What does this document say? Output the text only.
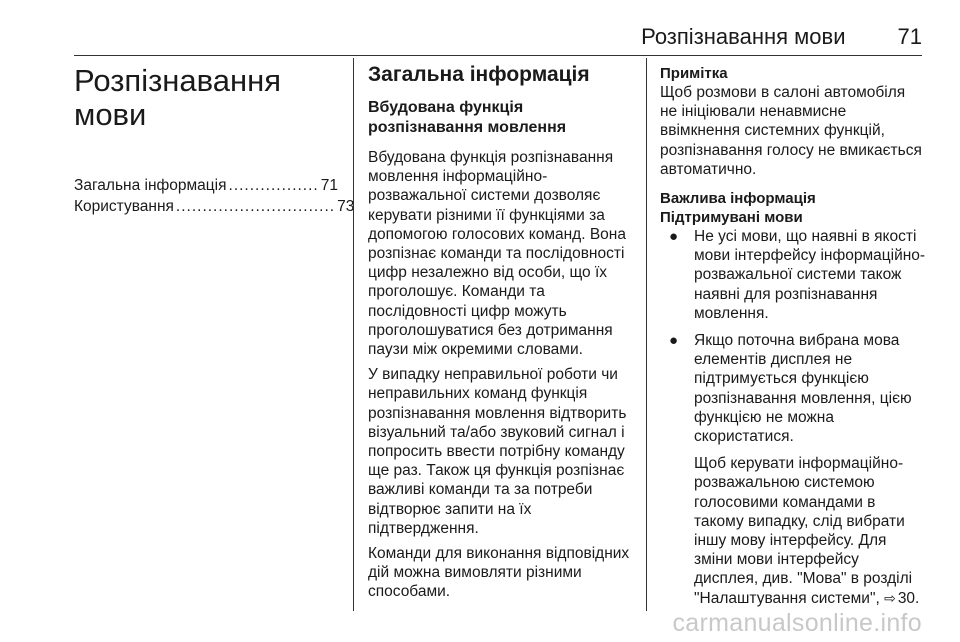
Розпізнавання мови 71
Розпізнавання
мови
Загальна інформація ................. 71
Користування .............................. 73
Загальна інформація
Вбудована функція розпізнавання мовлення

Вбудована функція розпізнавання мовлення інформаційно-розважальної системи дозволяє керувати різними її функціями за допомогою голосових команд. Вона розпізнає команди та послідовності цифр незалежно від особи, що їх проголошує. Команди та послідовності цифр можуть проголошуватися без дотримання паузи між окремими словами.

У випадку неправильної роботи чи неправильних команд функція розпізнавання мовлення відтворить візуальний та/або звуковий сигнал і попросить ввести потрібну команду ще раз. Також ця функція розпізнає важливі команди та за потреби відтворює запити на їх підтвердження.

Команди для виконання відповідних дій можна вимовляти різними способами.

Примітка

Щоб розмови в салоні автомобіля не ініціювали ненавмисне ввімкнення системних функцій, розпізнавання голосу не вмикається автоматично.

Важлива інформація
Підтримувані мови
● Не усі мови, що наявні в якості мови інтерфейсу інформаційно-розважальної системи також наявні для розпізнавання мовлення.
● Якщо поточна вибрана мова елементів дисплея не підтримується функцією розпізнавання мовлення, цією функцією не можна скористатися.
Щоб керувати інформаційно-розважальною системою голосовими командами в такому випадку, слід вибрати іншу мову інтерфейсу. Для зміни мови інтерфейсу дисплея, див. "Мова" в розділі "Налаштування системи", ⇨ 30.
carmanualsonline.info
